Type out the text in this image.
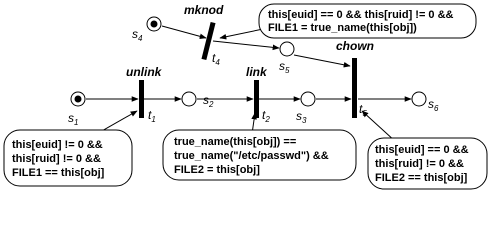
$s_1$
$s_2$
$s_3$
$s_4$
$s_5$
$s_6$
$t_1$	$t_2$
$t_4$
$t_5$
unlink	link
mknod
chown
this[euid] != 0 &&
this[ruid] != 0 &&
FILE1 == this[obj]
true_name(this[obj]) ==
true_name("/etc/passwd") &&
FILE2 = this[obj]
this[euid] == 0 && this[ruid] != 0 &&
FILE1 = true_name(this[obj])
this[euid] == 0 &&
this[ruid] != 0 &&
FILE2 == this[obj]
